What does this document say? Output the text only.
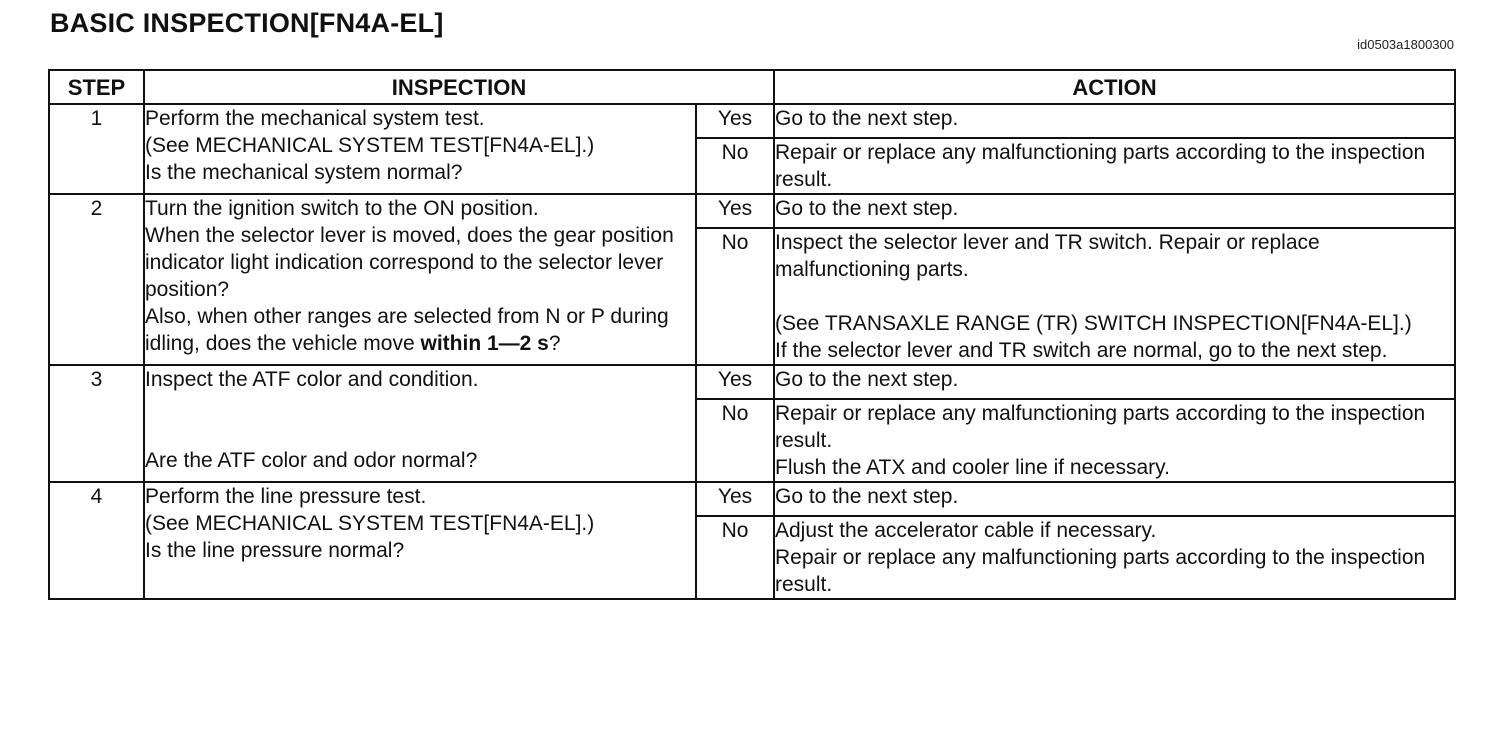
BASIC INSPECTION[FN4A-EL]
id0503a1800300
STEP	INSPECTION		ACTION
1	Perform the mechanical system test.

(See MECHANICAL SYSTEM TEST[FN4A-EL].)

Is the mechanical system normal?	Yes	Go to the next step.
		No	Repair or replace any malfunctioning parts according to the inspection result.

2	Turn the ignition switch to the ON position.

When the selector lever is moved, does the gear position indicator light indication correspond to the selector lever position?

Also, when other ranges are selected from N or P during idling, does the vehicle move within 1—2 s?	Yes	Go to the next step.
		No	Inspect the selector lever and TR switch. Repair or replace malfunctioning parts.

(See TRANSAXLE RANGE (TR) SWITCH INSPECTION[FN4A-EL].)

If the selector lever and TR switch are normal, go to the next step.

3	Inspect the ATF color and condition.

Are the ATF color and odor normal?	Yes	Go to the next step.
		No	Repair or replace any malfunctioning parts according to the inspection result.

Flush the ATX and cooler line if necessary.

4	Perform the line pressure test.

(See MECHANICAL SYSTEM TEST[FN4A-EL].)

Is the line pressure normal?	Yes	Go to the next step.
		No	Adjust the accelerator cable if necessary.

Repair or replace any malfunctioning parts according to the inspection result.
